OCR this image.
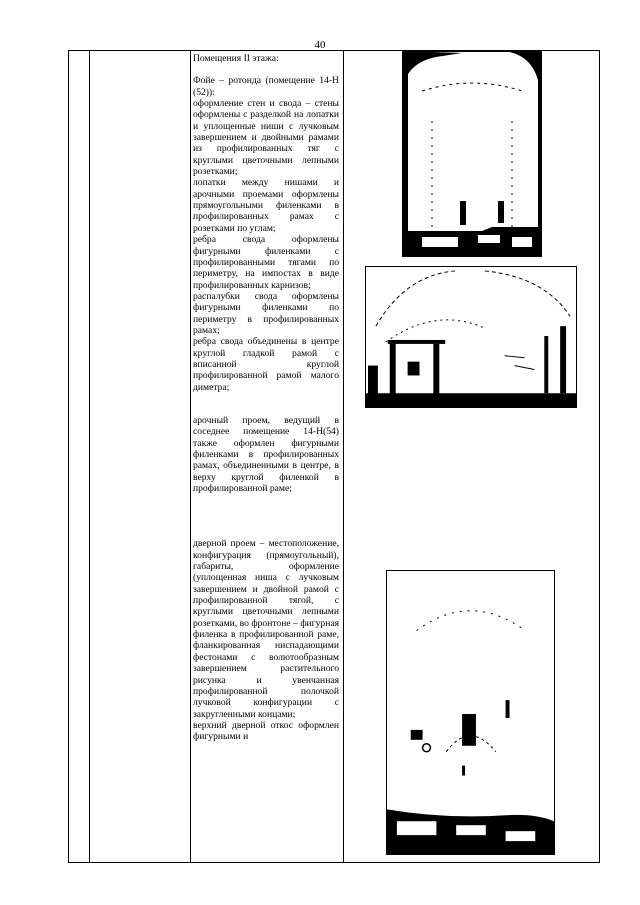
40

Помещения II этажа:

Фойе – ротонда (помещение 14-Н (52)):

оформление стен и свода – стены оформлены с разделкой на лопатки и уплощенные ниши с лучковым завершением и двойными рамами из профилированных тяг с круглыми цветочными лепными розетками;

лопатки между нишами и арочными проемами оформлены прямоугольными филенками в профилированных рамах с розетками по углам;

ребра свода оформлены фигурными филенками с профилированными тягами по периметру, на импостах в виде профилированных карнизов;

распалубки свода оформлены фигурными филенками по периметру в профилированных рамах;

ребра свода объединены в центре круглой гладкой рамой с вписанной круглой профилированной рамой малого диметра;

арочный проем, ведущий в соседнее помещение 14-Н(54) также оформлен фигурными филенками в профилированных рамах, объединенными в центре, в верху круглой филенкой в профилированной раме;

дверной проем – местоположение, конфигурация (прямоугольный), габариты, оформление (уплощенная ниша с лучковым завершением и двойной рамой с профилированной тягой, с круглыми цветочными лепными розетками, во фронтоне – фигурная филенка в профилированной раме, фланкированная ниспадающими фестонами с волютообразным завершением растительного рисунка и увенчанная профилированной полочкой лучковой конфигурации с закругленными концами;

верхний дверной откос оформлен фигурными и
